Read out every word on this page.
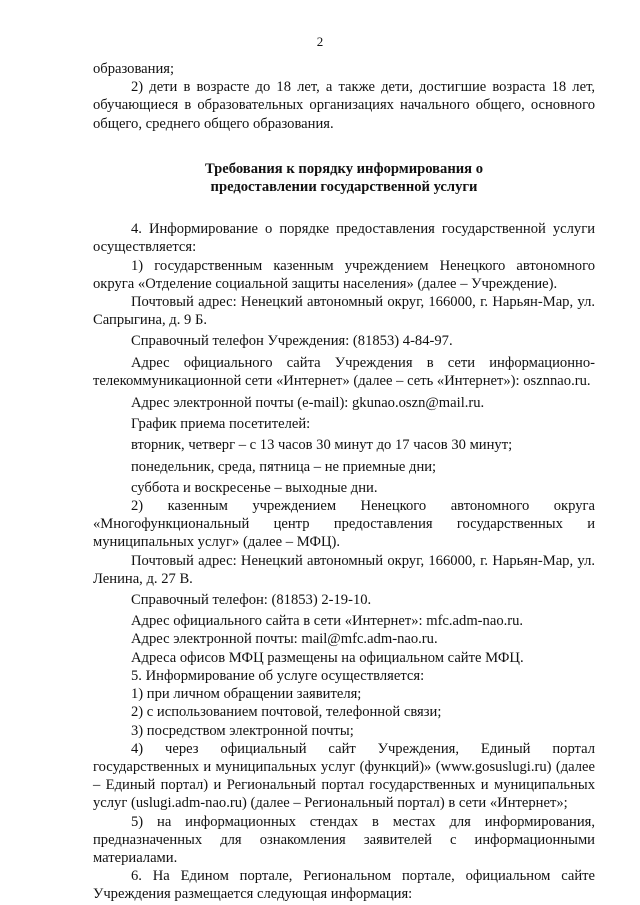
2

образования;

2) дети в возрасте до 18 лет, а также дети, достигшие возраста 18 лет, обучающиеся в образовательных организациях начального общего, основного общего, среднего общего образования.

Требования к порядку информирования о

предоставлении государственной услуги

4. Информирование о порядке предоставления государственной услуги осуществляется:

1) государственным казенным учреждением Ненецкого автономного округа «Отделение социальной защиты населения» (далее – Учреждение).

Почтовый адрес: Ненецкий автономный округ, 166000, г. Нарьян-Мар, ул. Сапрыгина, д. 9 Б.

Справочный телефон Учреждения: (81853) 4-84-97.

Адрес официального сайта Учреждения в сети информационно-телекоммуникационной сети «Интернет» (далее – сеть «Интернет»): osznnao.ru.

Адрес электронной почты (e-mail): gkunao.oszn@mail.ru.

График приема посетителей:

вторник, четверг – с 13 часов 30 минут до 17 часов 30 минут;

понедельник, среда, пятница – не приемные дни;

суббота и воскресенье – выходные дни.

2) казенным учреждением Ненецкого автономного округа «Многофункциональный центр предоставления государственных и муниципальных услуг» (далее – МФЦ).

Почтовый адрес: Ненецкий автономный округ, 166000, г. Нарьян-Мар, ул. Ленина, д. 27 В.

Справочный телефон: (81853) 2-19-10.

Адрес официального сайта в сети «Интернет»: mfc.adm-nao.ru.

Адрес электронной почты: mail@mfc.adm-nao.ru.

Адреса офисов МФЦ размещены на официальном сайте МФЦ.

5. Информирование об услуге осуществляется:

1) при личном обращении заявителя;

2) с использованием почтовой, телефонной связи;

3) посредством электронной почты;

4) через официальный сайт Учреждения, Единый портал государственных и муниципальных услуг (функций)» (www.gosuslugi.ru) (далее – Единый портал) и Региональный портал государственных и муниципальных услуг (uslugi.adm-nao.ru) (далее – Региональный портал) в сети «Интернет»;

5) на информационных стендах в местах для информирования, предназначенных для ознакомления заявителей с информационными материалами.

6. На Едином портале, Региональном портале, официальном сайте Учреждения размещается следующая информация:
